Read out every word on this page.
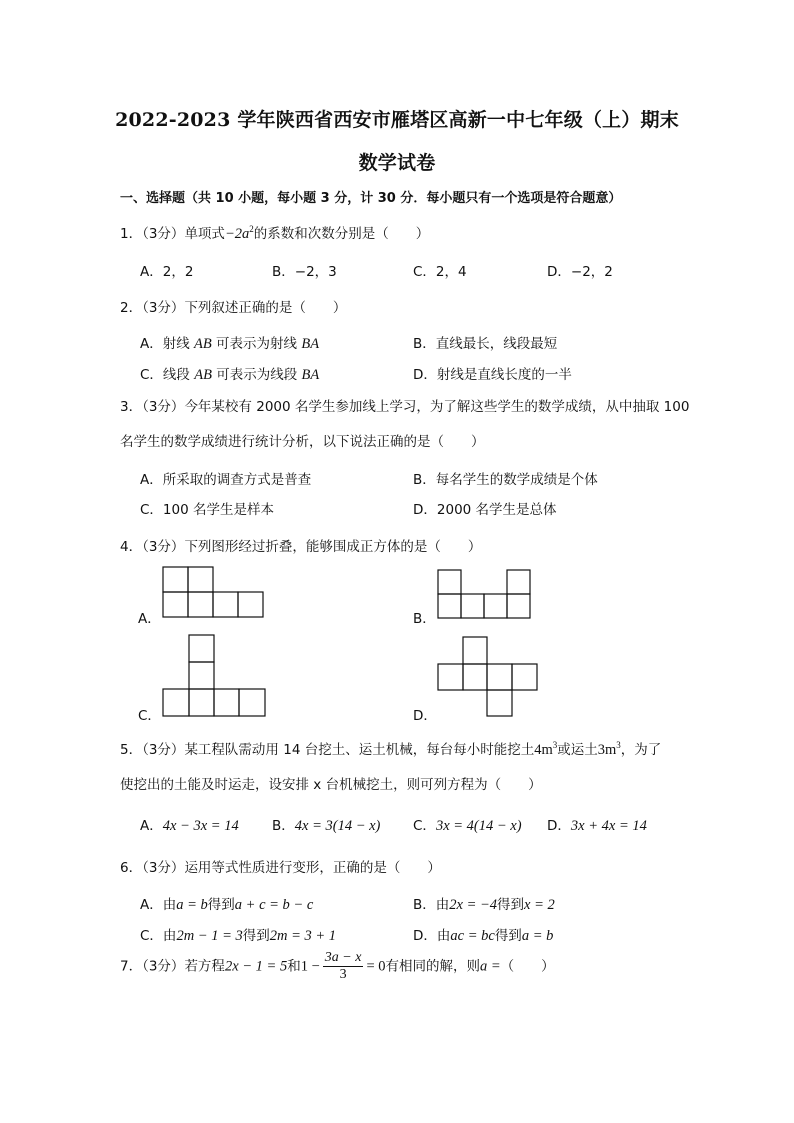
2022-2023 学年陕西省西安市雁塔区高新一中七年级（上）期末
数学试卷
一、选择题（共 10 小题，每小题 3 分，计 30 分．每小题只有一个选项是符合题意）
1．（3分）单项式$-2a^2$的系数和次数分别是（　　）
A．2，2	B．−2，3	C．2，4	D．−2，2
2．（3分）下列叙述正确的是（　　）
A．射线 AB 可表示为射线 BA	B．直线最长，线段最短
C．线段 AB 可表示为线段 BA	D．射线是直线长度的一半
3．（3分）今年某校有 2000 名学生参加线上学习，为了解这些学生的数学成绩，从中抽取 100
名学生的数学成绩进行统计分析，以下说法正确的是（　　）
A．所采取的调查方式是普查	B．每名学生的数学成绩是个体
C．100 名学生是样本	D．2000 名学生是总体
4．（3分）下列图形经过折叠，能够围成正方体的是（　　）
A．	B．
C．	D．
5．（3分）某工程队需动用 14 台挖土、运土机械，每台每小时能挖土$4m^3$或运土$3m^3$，为了
使挖出的土能及时运走，设安排 x 台机械挖土，则可列方程为（　　）
A．4x − 3x = 14 B．4x = 3(14 − x) C．3x = 4(14 − x) D．3x + 4x = 14
6．（3分）运用等式性质进行变形，正确的是（　　）
A．由a = b得到a + c = b − c	B．由2x = −4得到x = 2
C．由2m − 1 = 3得到2m = 3 + 1	D．由ac = bc得到a = b
7．（3分）若方程2x − 1 = 5和$1 - \frac{3a - x}{3} = 0$有相同的解，则a =（　　）
